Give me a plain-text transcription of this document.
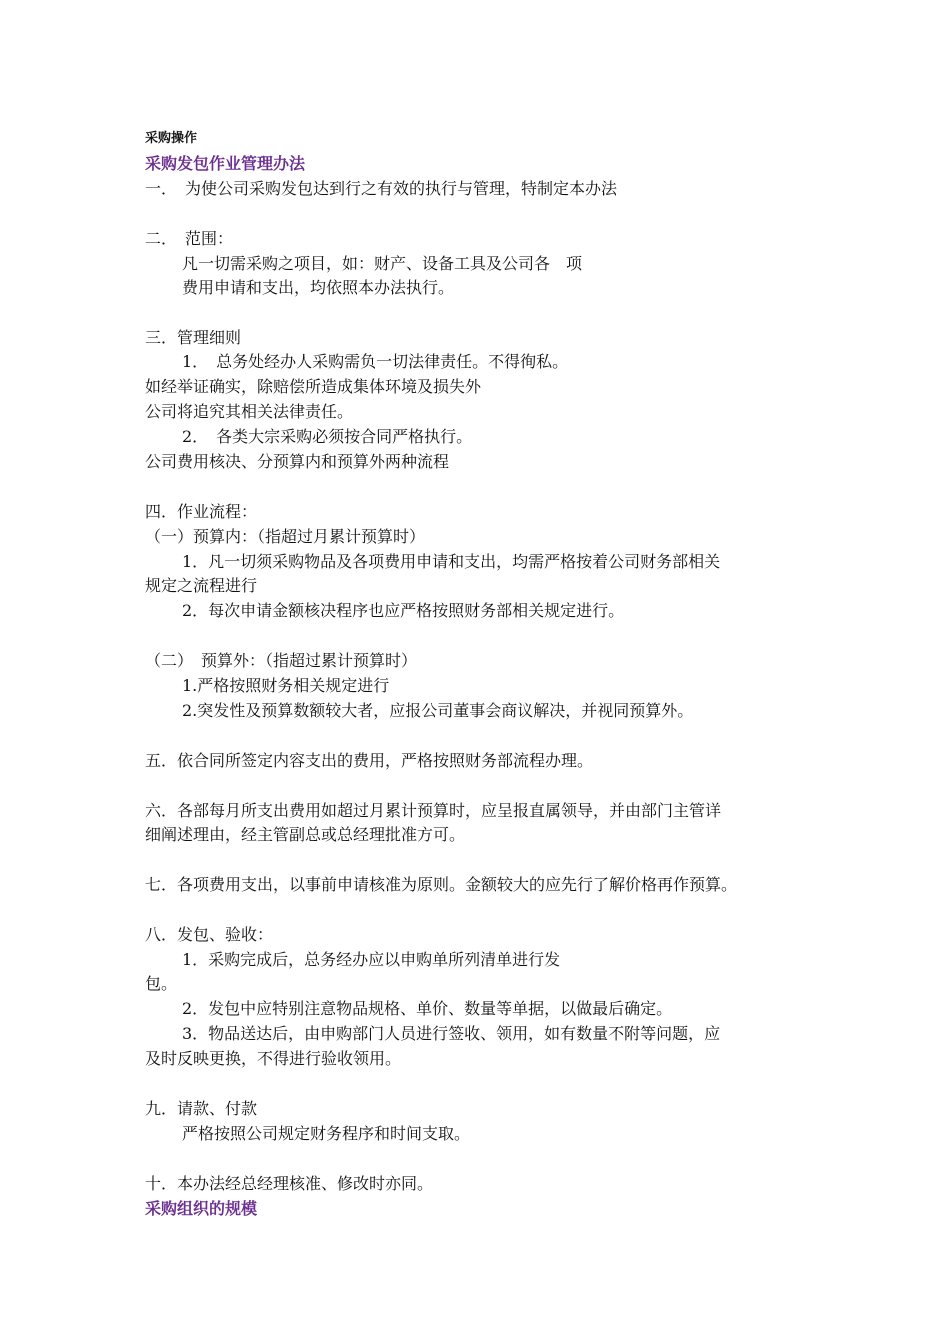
采购操作
采购发包作业管理办法
一．　为使公司采购发包达到行之有效的执行与管理，特制定本办法
二．　范围：
凡一切需采购之项目，如：财产、设备工具及公司各　项
费用申请和支出，均依照本办法执行。
三．管理细则
1．　总务处经办人采购需负一切法律责任。不得徇私。
如经举证确实，除赔偿所造成集体环境及损失外
公司将追究其相关法律责任。
2．　各类大宗采购必须按合同严格执行。
公司费用核决、分预算内和预算外两种流程
四．作业流程：
（一）预算内：（指超过月累计预算时）
1．凡一切须采购物品及各项费用申请和支出，均需严格按着公司财务部相关
规定之流程进行
2．每次申请金额核决程序也应严格按照财务部相关规定进行。
（二）　预算外：（指超过累计预算时）
1.严格按照财务相关规定进行
2.突发性及预算数额较大者，应报公司董事会商议解决，并视同预算外。
五．依合同所签定内容支出的费用，严格按照财务部流程办理。
六．各部每月所支出费用如超过月累计预算时，应呈报直属领导，并由部门主管详
细阐述理由，经主管副总或总经理批准方可。
七．各项费用支出，以事前申请核准为原则。金额较大的应先行了解价格再作预算。
八．发包、验收：
1．采购完成后，总务经办应以申购单所列清单进行发
包。
2．发包中应特别注意物品规格、单价、数量等单据，以做最后确定。
3．物品送达后，由申购部门人员进行签收、领用，如有数量不附等问题，应
及时反映更换，不得进行验收领用。
九．请款、付款
严格按照公司规定财务程序和时间支取。
十．本办法经总经理核准、修改时亦同。
采购组织的规模
